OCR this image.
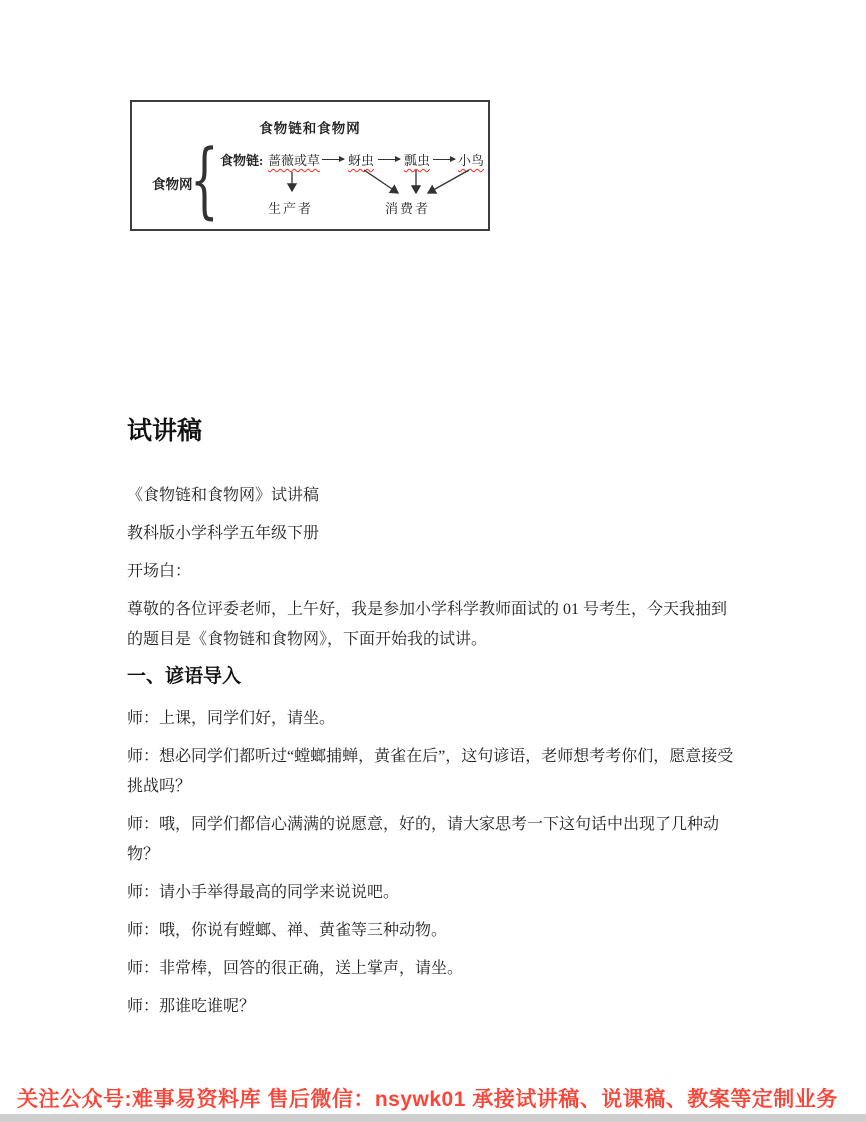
食物链和食物网
食物网
{ 食物链: 蔷薇或草 蚜虫 瓢虫 小鸟
生产者	消费者
试讲稿

《食物链和食物网》试讲稿

教科版小学科学五年级下册

开场白：

尊敬的各位评委老师，上午好，我是参加小学科学教师面试的 01 号考生，今天我抽到的题目是《食物链和食物网》，下面开始我的试讲。

一、谚语导入

师：上课，同学们好，请坐。

师：想必同学们都听过“螳螂捕蝉，黄雀在后”，这句谚语，老师想考考你们，愿意接受挑战吗？

师：哦，同学们都信心满满的说愿意，好的，请大家思考一下这句话中出现了几种动物？

师：请小手举得最高的同学来说说吧。

师：哦，你说有螳螂、禅、黄雀等三种动物。

师：非常棒，回答的很正确，送上掌声，请坐。

师：那谁吃谁呢？

关注公众号:难事易资料库 售后微信：nsywk01 承接试讲稿、说课稿、教案等定制业务
